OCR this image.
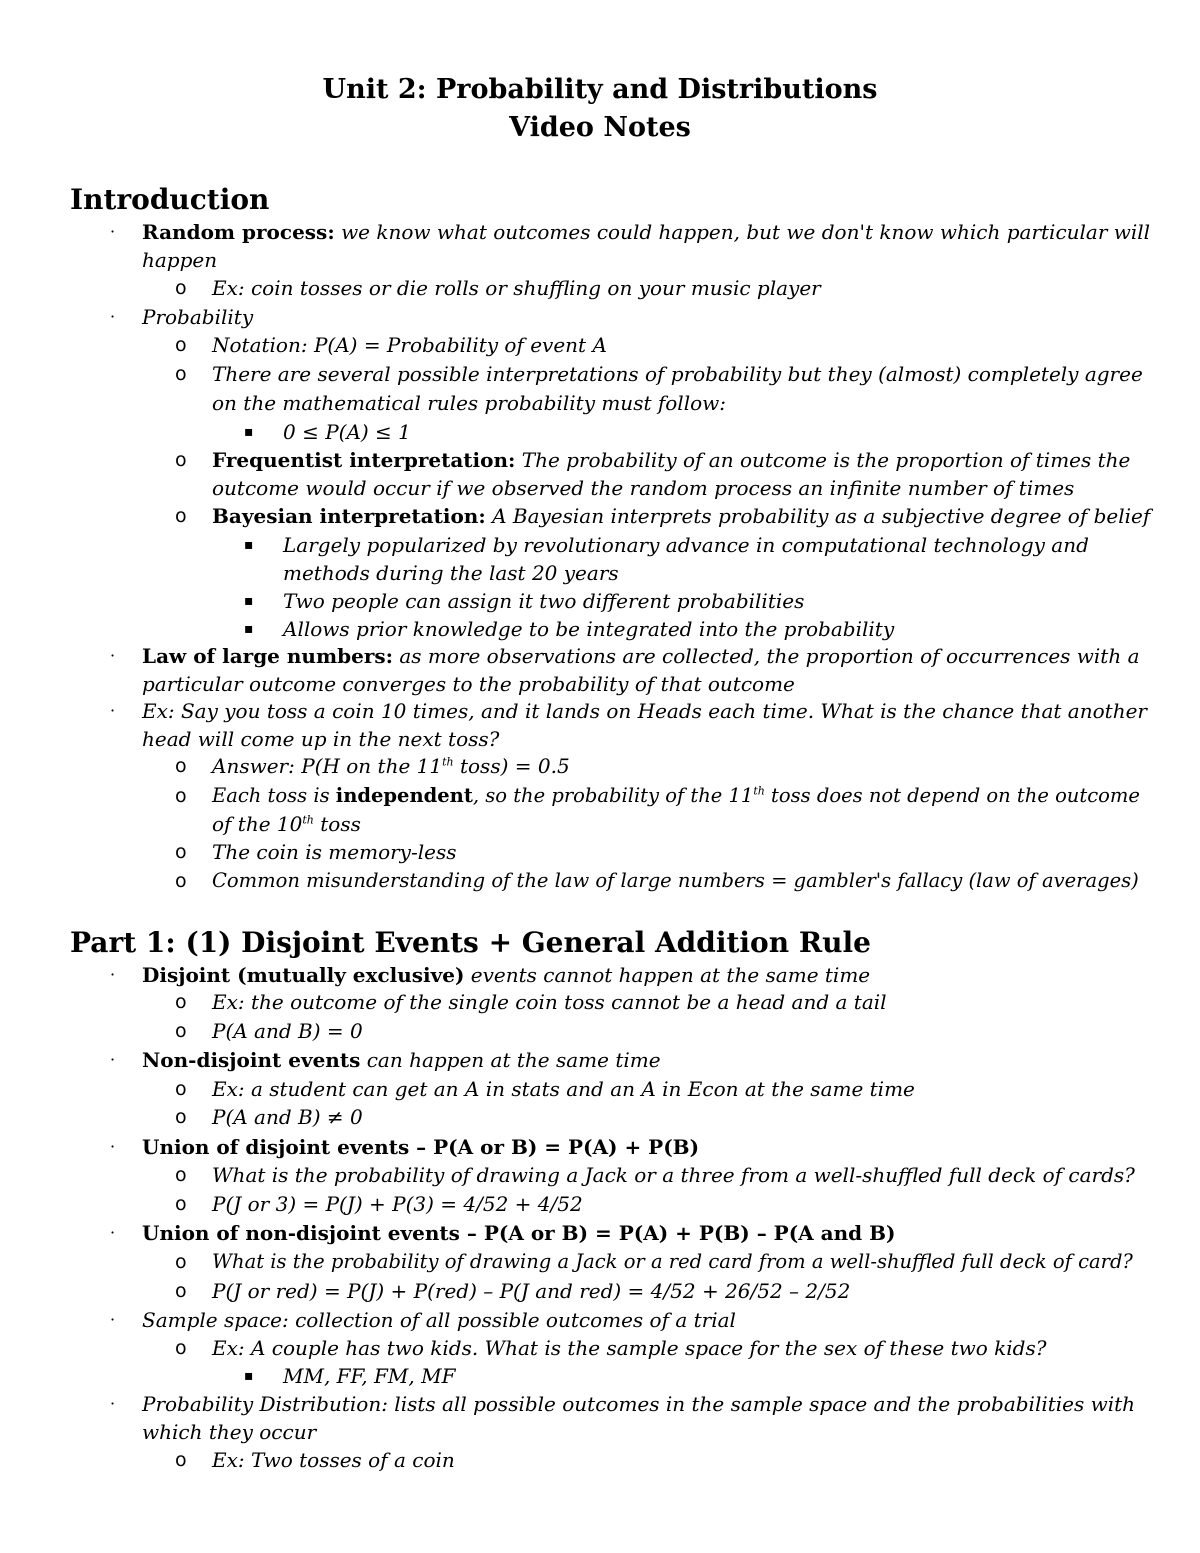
Unit 2: Probability and Distributions
Video Notes
Introduction
· Random process: we know what outcomes could happen, but we don't know which particular will
happen
o Ex: coin tosses or die rolls or shuffling on your music player
· Probability
o Notation: P(A) = Probability of event A
o There are several possible interpretations of probability but they (almost) completely agree
on the mathematical rules probability must follow:
▪ 0 ≤ P(A) ≤ 1
o Frequentist interpretation: The probability of an outcome is the proportion of times the
outcome would occur if we observed the random process an infinite number of times
o Bayesian interpretation: A Bayesian interprets probability as a subjective degree of belief
▪ Largely popularized by revolutionary advance in computational technology and
methods during the last 20 years
▪ Two people can assign it two different probabilities
▪ Allows prior knowledge to be integrated into the probability
· Law of large numbers: as more observations are collected, the proportion of occurrences with a
particular outcome converges to the probability of that outcome
· Ex: Say you toss a coin 10 times, and it lands on Heads each time. What is the chance that another
head will come up in the next toss?
o Answer: P(H on the 11th toss) = 0.5
o Each toss is independent, so the probability of the 11th toss does not depend on the outcome
of the 10th toss
o The coin is memory-less
o Common misunderstanding of the law of large numbers = gambler's fallacy (law of averages)
Part 1: (1) Disjoint Events + General Addition Rule
· Disjoint (mutually exclusive) events cannot happen at the same time
o Ex: the outcome of the single coin toss cannot be a head and a tail
o P(A and B) = 0
· Non-disjoint events can happen at the same time
o Ex: a student can get an A in stats and an A in Econ at the same time
o P(A and B) ≠ 0
· Union of disjoint events – P(A or B) = P(A) + P(B)
o What is the probability of drawing a Jack or a three from a well-shuffled full deck of cards?
o P(J or 3) = P(J) + P(3) = 4/52 + 4/52
· Union of non-disjoint events – P(A or B) = P(A) + P(B) – P(A and B)
o What is the probability of drawing a Jack or a red card from a well-shuffled full deck of card?
o P(J or red) = P(J) + P(red) – P(J and red) = 4/52 + 26/52 – 2/52
· Sample space: collection of all possible outcomes of a trial
o Ex: A couple has two kids. What is the sample space for the sex of these two kids?
▪ MM, FF, FM, MF
· Probability Distribution: lists all possible outcomes in the sample space and the probabilities with
which they occur
o Ex: Two tosses of a coin
